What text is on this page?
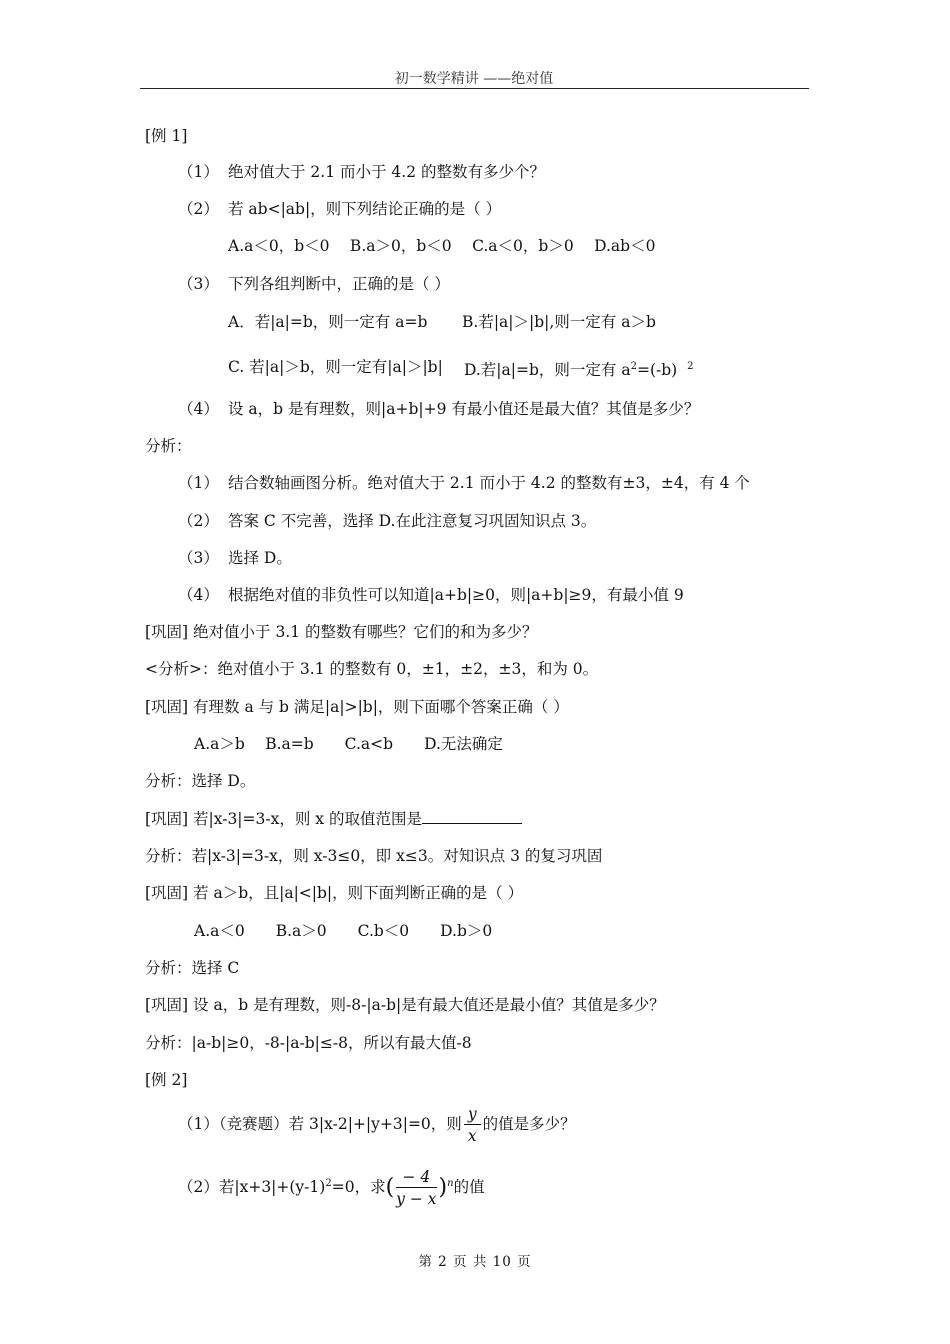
初一数学精讲 ——绝对值
[例 1]
（1） 绝对值大于 2.1 而小于 4.2 的整数有多少个？
（2） 若 ab<|ab|，则下列结论正确的是（ ）
A.a＜0，b＜0　 B.a＞0，b＜0　 C.a＜0，b＞0　 D.ab＜0
（3） 下列各组判断中，正确的是（ ）
A．若|a|=b，则一定有 a=b B.若|a|＞|b|,则一定有 a＞b
C. 若|a|＞b，则一定有|a|＞|b| D.若|a|=b，则一定有 $a^2=(-b)$ $^2$
（4） 设 a，b 是有理数，则|a+b|+9 有最小值还是最大值？其值是多少？
分析：
（1） 结合数轴画图分析。绝对值大于 2.1 而小于 4.2 的整数有±3，±4，有 4 个
（2） 答案 C 不完善，选择 D.在此注意复习巩固知识点 3。
（3） 选择 D。
（4） 根据绝对值的非负性可以知道|a+b|≥0，则|a+b|≥9，有最小值 9
[巩固] 绝对值小于 3.1 的整数有哪些？它们的和为多少？
<分析>：绝对值小于 3.1 的整数有 0，±1，±2，±3，和为 0。
[巩固] 有理数 a 与 b 满足|a|>|b|，则下面哪个答案正确（ ）
A.a＞b　 B.a=b　　C.a<b　　D.无法确定
分析：选择 D。
[巩固] 若|x-3|=3-x，则 x 的取值范围是
分析：若|x-3|=3-x，则 x-3≤0，即 x≤3。对知识点 3 的复习巩固
[巩固] 若 a＞b，且|a|<|b|，则下面判断正确的是（ ）
A.a＜0　　B.a＞0　　C.b＜0　　D.b＞0
分析：选择 C
[巩固] 设 a，b 是有理数，则-8-|a-b|是有最大值还是最小值？其值是多少？
分析：|a-b|≥0，-8-|a-b|≤-8，所以有最大值-8
[例 2]
（1）（竞赛题）若 3|x-2|+|y+3|=0，则 $\frac{y}{x}$ 的值是多少？
（2）若$|x+3|+(y-1)^2=0$，求( $\frac{- 4}{y - x} )^n$的值
第 2 页 共 10 页
